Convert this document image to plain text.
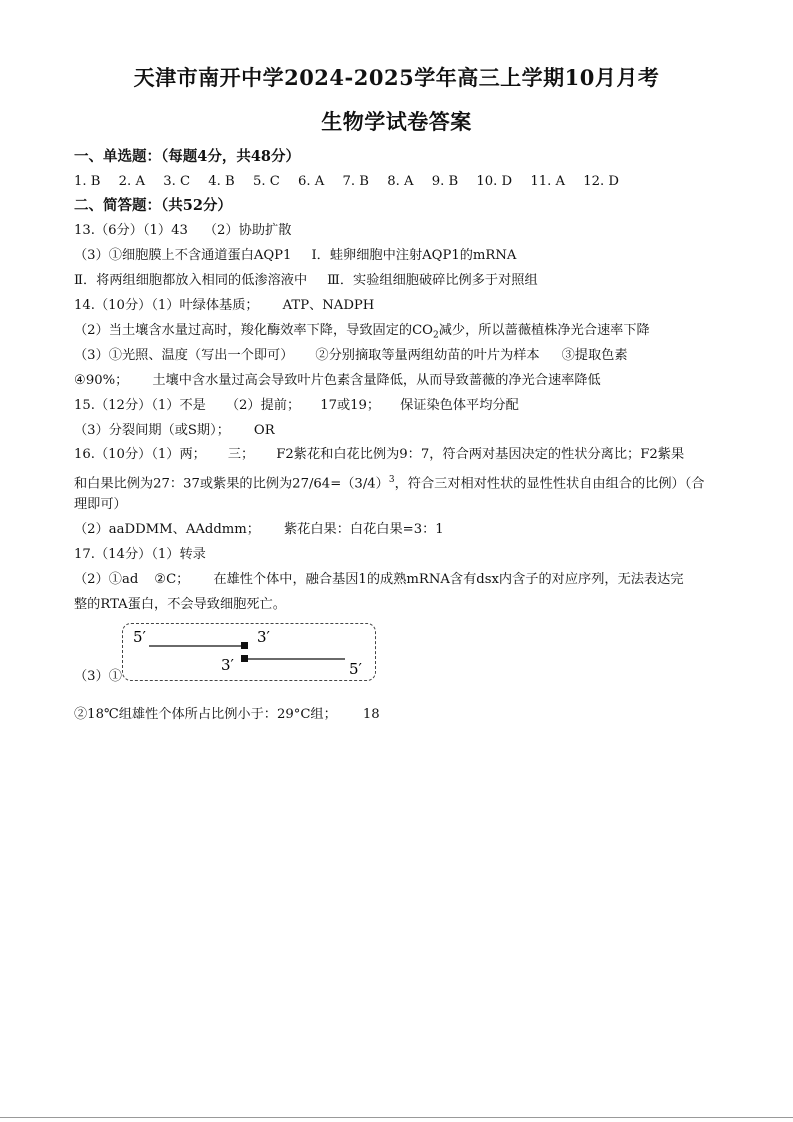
天津市南开中学2024-2025学年高三上学期10月月考
生物学试卷答案
一、单选题：（每题4分，共48分）
1. B 2. A 3. C 4. B 5. C 6. A 7. B 8. A 9. B 10. D 11. A 12. D
二、简答题：（共52分）
13.（6分）（1）43 （2）协助扩散
（3）①细胞膜上不含通道蛋白AQP1 Ⅰ．蛙卵细胞中注射AQP1的mRNA
Ⅱ．将两组细胞都放入相同的低渗溶液中 Ⅲ．实验组细胞破碎比例多于对照组
14.（10分）（1）叶绿体基质； ATP、NADPH
（2）当土壤含水量过高时，羧化酶效率下降，导致固定的$CO_2$减少，所以蔷薇植株净光合速率下降
（3）①光照、温度（写出一个即可） ②分别摘取等量两组幼苗的叶片为样本 ③提取色素
④90%； 土壤中含水量过高会导致叶片色素含量降低，从而导致蔷薇的净光合速率降低
15.（12分）（1）不是 （2）提前； 17或19； 保证染色体平均分配
（3）分裂间期（或S期）； OR
16.（10分）（1）两； 三； F2紫花和白花比例为9：7，符合两对基因决定的性状分离比；F2紫果
和白果比例为27：37或紫果的比例为$27/64=(3/4)^3$，符合三对相对性状的显性性状自由组合的比例）（合
理即可）
（2）aaDDMM、AAddmm； 紫花白果：白花白果=3：1
17.（14分）（1）转录
（2）①ad ②C； 在雄性个体中，融合基因1的成熟mRNA含有dsx内含子的对应序列，无法表达完
整的RTA蛋白，不会导致细胞死亡。
5′	3′
3′	5′
（3）①
②18℃组雄性个体所占比例小于：29°C组； 18
